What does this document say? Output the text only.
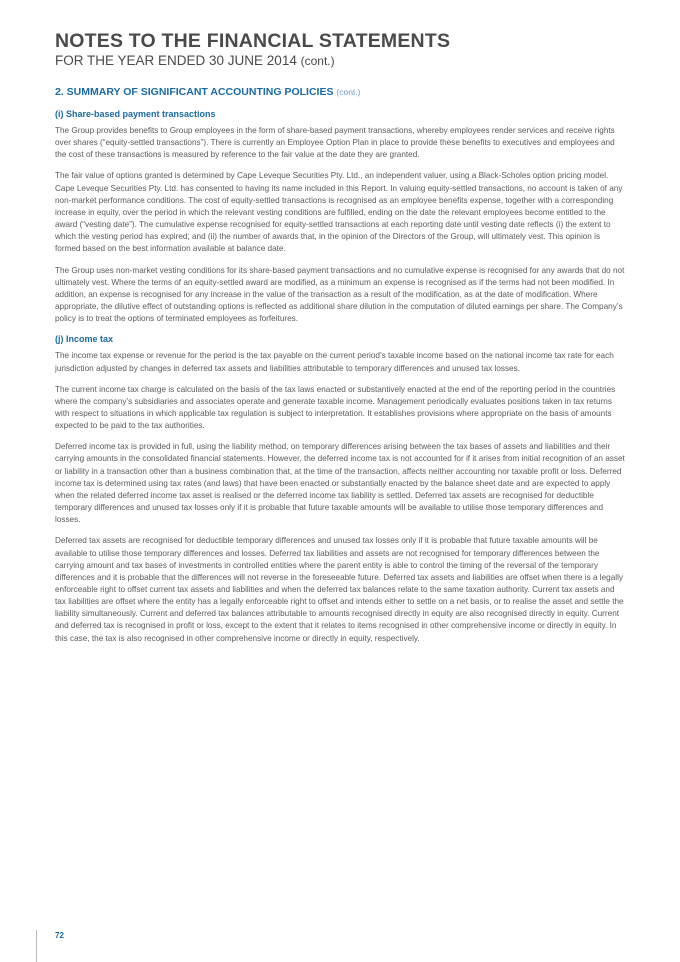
NOTES TO THE FINANCIAL STATEMENTS
FOR THE YEAR ENDED 30 JUNE 2014 (cont.)
2. SUMMARY OF SIGNIFICANT ACCOUNTING POLICIES (cont.)
(i) Share-based payment transactions

The Group provides benefits to Group employees in the form of share-based payment transactions, whereby employees render services and receive rights over shares (“equity-settled transactions”). There is currently an Employee Option Plan in place to provide these benefits to executives and employees and the cost of these transactions is measured by reference to the fair value at the date they are granted.

The fair value of options granted is determined by Cape Leveque Securities Pty. Ltd., an independent valuer, using a Black-Scholes option pricing model. Cape Leveque Securities Pty. Ltd. has consented to having its name included in this Report. In valuing equity-settled transactions, no account is taken of any non-market performance conditions. The cost of equity-settled transactions is recognised as an employee benefits expense, together with a corresponding increase in equity, over the period in which the relevant vesting conditions are fulfilled, ending on the date the relevant employees become entitled to the award (“vesting date”). The cumulative expense recognised for equity-settled transactions at each reporting date until vesting date reflects (i) the extent to which the vesting period has expired; and (ii) the number of awards that, in the opinion of the Directors of the Group, will ultimately vest. This opinion is formed based on the best information available at balance date.

The Group uses non-market vesting conditions for its share-based payment transactions and no cumulative expense is recognised for any awards that do not ultimately vest. Where the terms of an equity-settled award are modified, as a minimum an expense is recognised as if the terms had not been modified. In addition, an expense is recognised for any increase in the value of the transaction as a result of the modification, as at the date of modification. Where appropriate, the dilutive effect of outstanding options is reflected as additional share dilution in the computation of diluted earnings per share. The Company’s policy is to treat the options of terminated employees as forfeitures.

(j) Income tax

The income tax expense or revenue for the period is the tax payable on the current period’s taxable income based on the national income tax rate for each jurisdiction adjusted by changes in deferred tax assets and liabilities attributable to temporary differences and unused tax losses.

The current income tax charge is calculated on the basis of the tax laws enacted or substantively enacted at the end of the reporting period in the countries where the company’s subsidiaries and associates operate and generate taxable income. Management periodically evaluates positions taken in tax returns with respect to situations in which applicable tax regulation is subject to interpretation. It establishes provisions where appropriate on the basis of amounts expected to be paid to the tax authorities.

Deferred income tax is provided in full, using the liability method, on temporary differences arising between the tax bases of assets and liabilities and their carrying amounts in the consolidated financial statements. However, the deferred income tax is not accounted for if it arises from initial recognition of an asset or liability in a transaction other than a business combination that, at the time of the transaction, affects neither accounting nor taxable profit or loss. Deferred income tax is determined using tax rates (and laws) that have been enacted or substantially enacted by the balance sheet date and are expected to apply when the related deferred income tax asset is realised or the deferred income tax liability is settled. Deferred tax assets are recognised for deductible temporary differences and unused tax losses only if it is probable that future taxable amounts will be available to utilise those temporary differences and losses.

Deferred tax assets are recognised for deductible temporary differences and unused tax losses only if it is probable that future taxable amounts will be available to utilise those temporary differences and losses. Deferred tax liabilities and assets are not recognised for temporary differences between the carrying amount and tax bases of investments in controlled entities where the parent entity is able to control the timing of the reversal of the temporary differences and it is probable that the differences will not reverse in the foreseeable future. Deferred tax assets and liabilities are offset when there is a legally enforceable right to offset current tax assets and liabilities and when the deferred tax balances relate to the same taxation authority. Current tax assets and tax liabilities are offset where the entity has a legally enforceable right to offset and intends either to settle on a net basis, or to realise the asset and settle the liability simultaneously. Current and deferred tax balances attributable to amounts recognised directly in equity are also recognised directly in equity. Current and deferred tax is recognised in profit or loss, except to the extent that it relates to items recognised in other comprehensive income or directly in equity. In this case, the tax is also recognised in other comprehensive income or directly in equity, respectively.

72
